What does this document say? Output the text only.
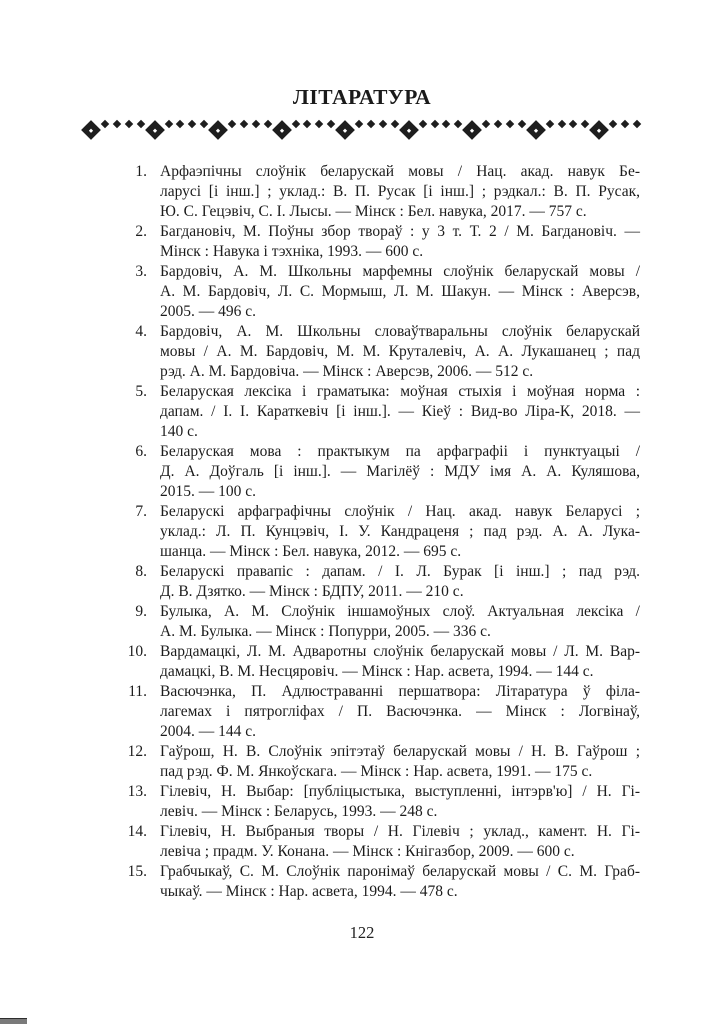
ЛІТАРАТУРА
1. Арфаэпічны слоўнік беларускай мовы / Нац. акад. навук Бе-
ларусі [і інш.] ; уклад.: В. П. Русак [і інш.] ; рэдкал.: В. П. Русак,
Ю. С. Гецэвіч, С. І. Лысы. — Мінск : Бел. навука, 2017. — 757 с.
2. Багдановіч, М. Поўны збор твораў : у 3 т. Т. 2 / М. Багдановіч. —
Мінск : Навука і тэхніка, 1993. — 600 с.
3. Бардовіч, А. М. Школьны марфемны слоўнік беларускай мовы /
А. М. Бардовіч, Л. С. Мормыш, Л. М. Шакун. — Мінск : Аверсэв,
2005. — 496 с.
4. Бардовіч, А. М. Школьны словаўтваральны слоўнік беларускай
мовы / А. М. Бардовіч, М. М. Круталевіч, А. А. Лукашанец ; пад
рэд. А. М. Бардовіча. — Мінск : Аверсэв, 2006. — 512 с.
5. Беларуская лексіка і граматыка: моўная стыхія і моўная норма :
дапам. / І. І. Караткевіч [і інш.]. — Кіеў : Вид-во Ліра-К, 2018. —
140 с.
6. Беларуская мова : практыкум па арфаграфіі і пунктуацыі /
Д. А. Доўгаль [і інш.]. — Магілёў : МДУ імя А. А. Куляшова,
2015. — 100 с.
7. Беларускі арфаграфічны слоўнік / Нац. акад. навук Беларусі ;
уклад.: Л. П. Кунцэвіч, І. У. Кандраценя ; пад рэд. А. А. Лука-
шанца. — Мінск : Бел. навука, 2012. — 695 с.
8. Беларускі правапіс : дапам. / І. Л. Бурак [і інш.] ; пад рэд.
Д. В. Дзятко. — Мінск : БДПУ, 2011. — 210 с.
9. Булыка, А. М. Слоўнік іншамоўных слоў. Актуальная лексіка /
А. М. Булыка. — Мінск : Попурри, 2005. — 336 с.
10. Вардамацкі, Л. М. Адваротны слоўнік беларускай мовы / Л. М. Вар-
дамацкі, В. М. Несцяровіч. — Мінск : Нар. асвета, 1994. — 144 с.
11. Васючэнка, П. Адлюстраванні першатвора: Літаратура ў філа-
лагемах і пятрогліфах / П. Васючэнка. — Мінск : Логвінаў,
2004. — 144 с.
12. Гаўрош, Н. В. Слоўнік эпітэтаў беларускай мовы / Н. В. Гаўрош ;
пад рэд. Ф. М. Янкоўскага. — Мінск : Нар. асвета, 1991. — 175 с.
13. Гілевіч, Н. Выбар: [публіцыстыка, выступленні, інтэрв'ю] / Н. Гі-
левіч. — Мінск : Беларусь, 1993. — 248 с.
14. Гілевіч, Н. Выбраныя творы / Н. Гілевіч ; уклад., камент. Н. Гі-
левіча ; прадм. У. Конана. — Мінск : Кнігазбор, 2009. — 600 с.
15. Грабчыкаў, С. М. Слоўнік паронімаў беларускай мовы / С. М. Граб-
чыкаў. — Мінск : Нар. асвета, 1994. — 478 с.
122
